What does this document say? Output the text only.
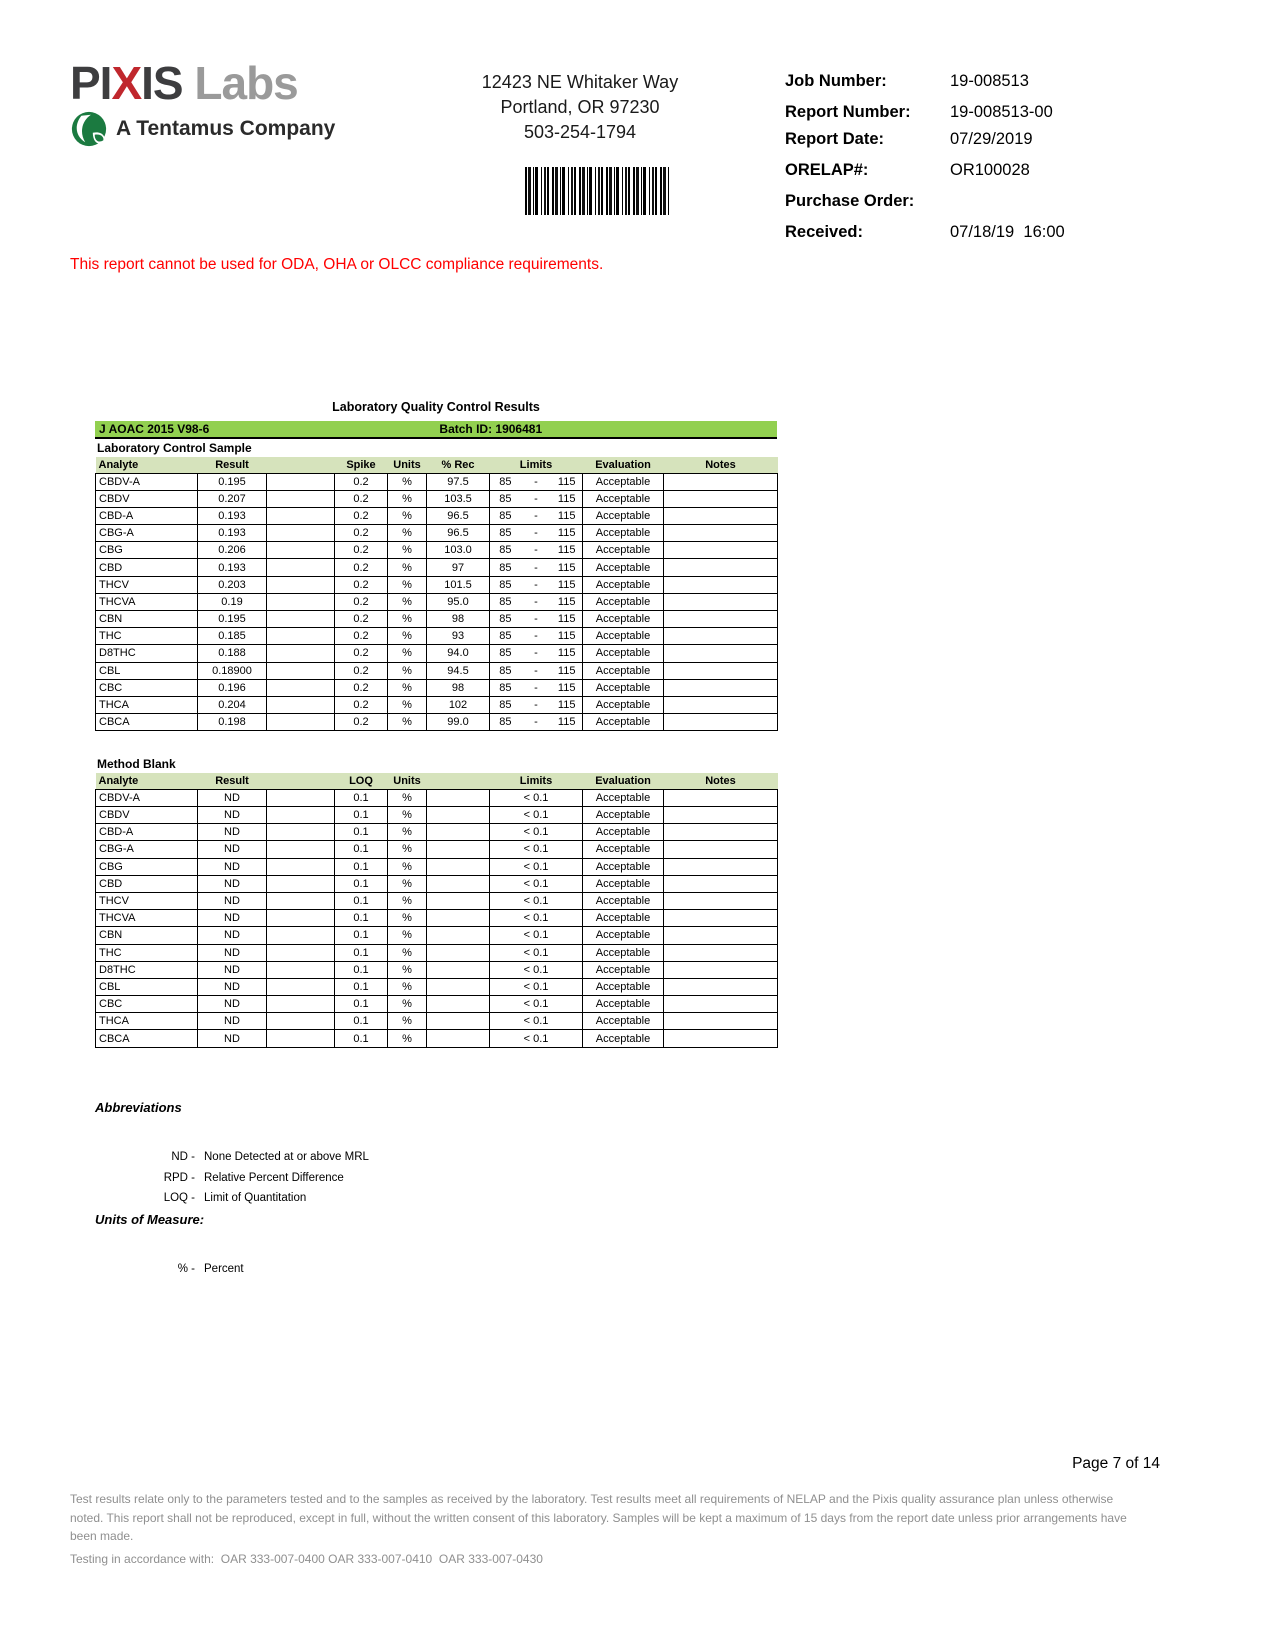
PIXIS Labs
A Tentamus Company
12423 NE Whitaker Way
Portland, OR 97230
503-254-1794
Job Number:	19-008513
Report Number:	19-008513-00
Report Date:	07/29/2019
ORELAP#:	OR100028
Purchase Order:
Received:	07/18/19  16:00
This report cannot be used for ODA, OHA or OLCC compliance requirements.
Laboratory Quality Control Results
J AOAC 2015 V98-6	Batch ID: 1906481
Laboratory Control Sample
Analyte	Result		Spike	Units	% Rec	Limits	Evaluation	Notes
CBDV-A	0.195		0.2	%	97.5	85 - 115	Acceptable	
CBDV	0.207		0.2	%	103.5	85 - 115	Acceptable	
CBD-A	0.193		0.2	%	96.5	85 - 115	Acceptable	
CBG-A	0.193		0.2	%	96.5	85 - 115	Acceptable	
CBG	0.206		0.2	%	103.0	85 - 115	Acceptable	
CBD	0.193		0.2	%	97	85 - 115	Acceptable	
THCV	0.203		0.2	%	101.5	85 - 115	Acceptable	
THCVA	0.19		0.2	%	95.0	85 - 115	Acceptable	
CBN	0.195		0.2	%	98	85 - 115	Acceptable	
THC	0.185		0.2	%	93	85 - 115	Acceptable	
D8THC	0.188		0.2	%	94.0	85 - 115	Acceptable	
CBL	0.18900		0.2	%	94.5	85 - 115	Acceptable	
CBC	0.196		0.2	%	98	85 - 115	Acceptable	
THCA	0.204		0.2	%	102	85 - 115	Acceptable	
CBCA	0.198		0.2	%	99.0	85 - 115	Acceptable	
Method Blank
Analyte	Result		LOQ	Units		Limits	Evaluation	Notes
CBDV-A	ND		0.1	%		< 0.1	Acceptable	
CBDV	ND		0.1	%		< 0.1	Acceptable	
CBD-A	ND		0.1	%		< 0.1	Acceptable	
CBG-A	ND		0.1	%		< 0.1	Acceptable	
CBG	ND		0.1	%		< 0.1	Acceptable	
CBD	ND		0.1	%		< 0.1	Acceptable	
THCV	ND		0.1	%		< 0.1	Acceptable	
THCVA	ND		0.1	%		< 0.1	Acceptable	
CBN	ND		0.1	%		< 0.1	Acceptable	
THC	ND		0.1	%		< 0.1	Acceptable	
D8THC	ND		0.1	%		< 0.1	Acceptable	
CBL	ND		0.1	%		< 0.1	Acceptable	
CBC	ND		0.1	%		< 0.1	Acceptable	
THCA	ND		0.1	%		< 0.1	Acceptable	
CBCA	ND		0.1	%		< 0.1	Acceptable	
Abbreviations
ND - None Detected at or above MRL
RPD - Relative Percent Difference
LOQ - Limit of Quantitation
Units of Measure:
% - Percent
Page 7 of 14
Test results relate only to the parameters tested and to the samples as received by the laboratory. Test results meet all requirements of NELAP and the Pixis quality assurance plan unless otherwise noted. This report shall not be reproduced, except in full, without the written consent of this laboratory. Samples will be kept a maximum of 15 days from the report date unless prior arrangements have been made.
Testing in accordance with:  OAR 333-007-0400 OAR 333-007-0410  OAR 333-007-0430
